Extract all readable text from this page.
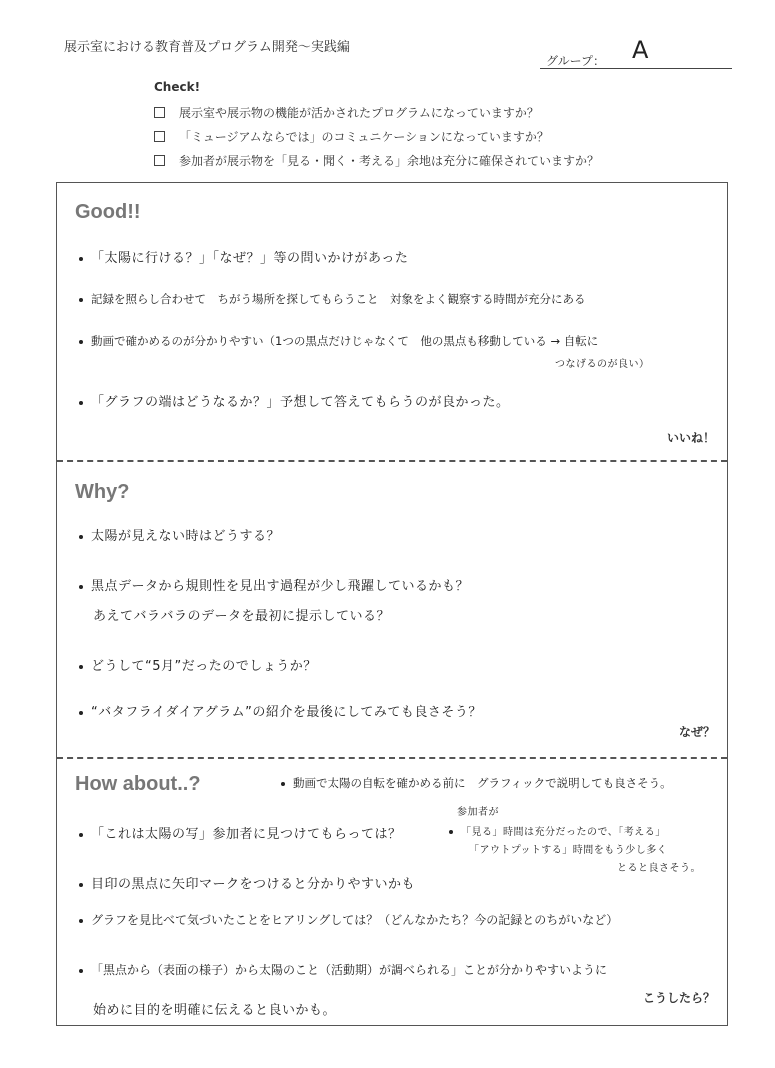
展示室における教育普及プログラム開発～実践編
グループ： A
Check!
展示室や展示物の機能が活かされたプログラムになっていますか？
「ミュージアムならでは」のコミュニケーションになっていますか？
参加者が展示物を「見る・聞く・考える」余地は充分に確保されていますか？
Good!!
「太陽に行ける？」「なぜ？」等の問いかけがあった
記録を照らし合わせて　ちがう場所を探してもらうこと　対象をよく観察する時間が充分にある
動画で確かめるのが分かりやすい（1つの黒点だけじゃなくて　他の黒点も移動している → 自転に
つなげるのが良い）
「グラフの端はどうなるか？」予想して答えてもらうのが良かった。
いいね！
Why?
太陽が見えない時はどうする？
黒点データから規則性を見出す過程が少し飛躍しているかも？
あえてバラバラのデータを最初に提示している？
どうして“5月”だったのでしょうか？
“バタフライダイアグラム”の紹介を最後にしてみても良さそう？
なぜ？
How about..?	動画で太陽の自転を確かめる前に　グラフィックで説明しても良さそう。
「これは太陽の写」参加者に見つけてもらっては？
参加者が
「見る」時間は充分だったので、「考える」
「アウトプットする」時間をもう少し多く
とると良さそう。
目印の黒点に矢印マークをつけると分かりやすいかも
グラフを見比べて気づいたことをヒアリングしては？（どんなかたち？今の記録とのちがいなど）
「黒点から（表面の様子）から太陽のこと（活動期）が調べられる」ことが分かりやすいように
始めに目的を明確に伝えると良いかも。
こうしたら？
